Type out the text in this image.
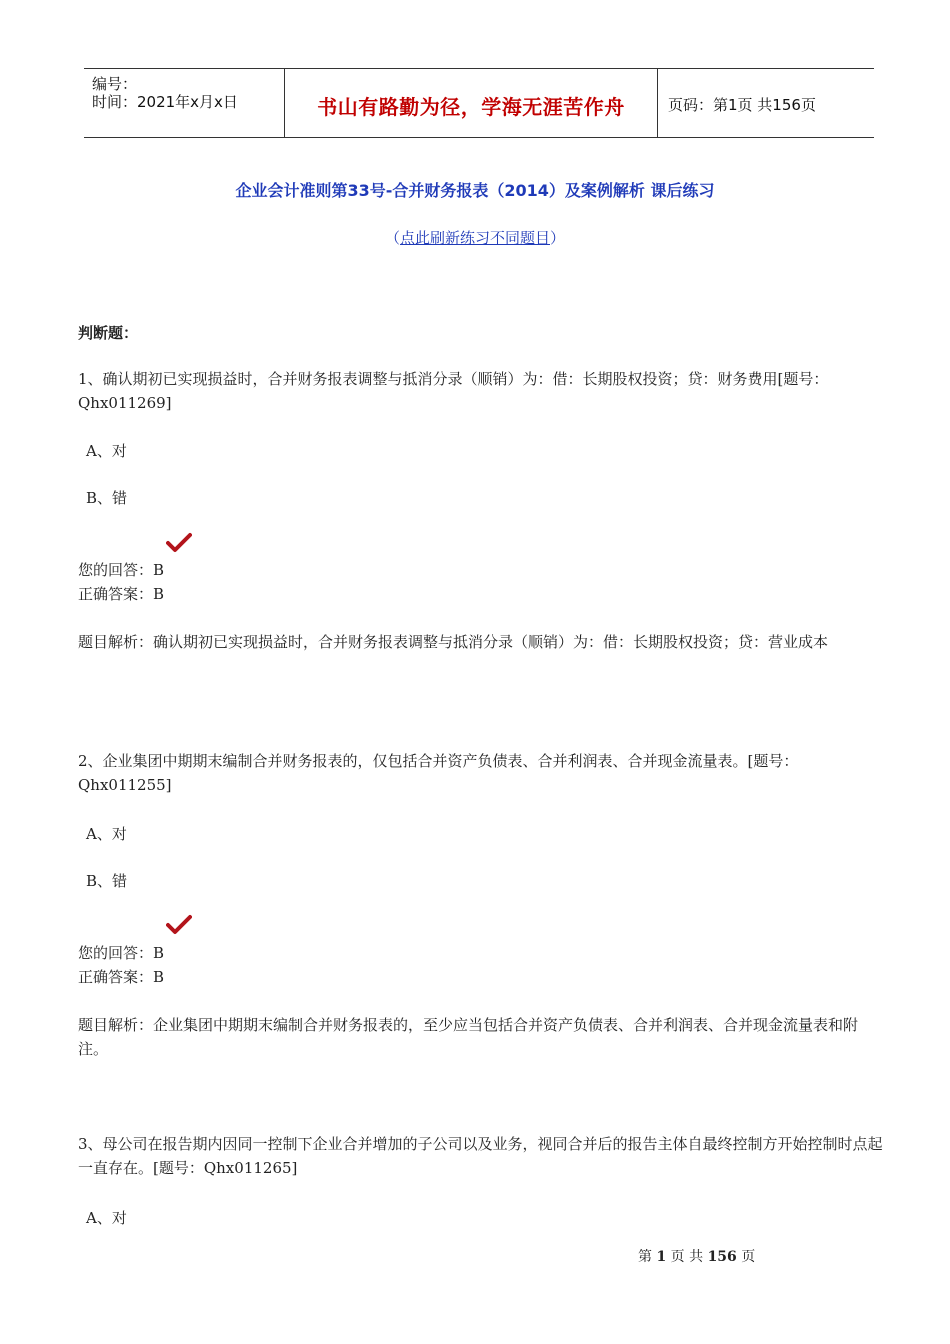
编号：
时间：2021年x月x日	书山有路勤为径，学海无涯苦作舟	页码：第1页 共156页
企业会计准则第33号-合并财务报表（2014）及案例解析 课后练习
（点此刷新练习不同题目）
判断题：
1、确认期初已实现损益时，合并财务报表调整与抵消分录（顺销）为：借：长期股权投资；贷：财务费用[题号：Qhx011269]
A、对
B、错
您的回答：B
正确答案：B
题目解析：确认期初已实现损益时，合并财务报表调整与抵消分录（顺销）为：借：长期股权投资；贷：营业成本
2、企业集团中期期末编制合并财务报表的，仅包括合并资产负债表、合并利润表、合并现金流量表。[题号：Qhx011255]
A、对
B、错
您的回答：B
正确答案：B
题目解析：企业集团中期期末编制合并财务报表的，至少应当包括合并资产负债表、合并利润表、合并现金流量表和附注。
3、母公司在报告期内因同一控制下企业合并增加的子公司以及业务，视同合并后的报告主体自最终控制方开始控制时点起一直存在。[题号：Qhx011265]
A、对
第 1 页 共 156 页
